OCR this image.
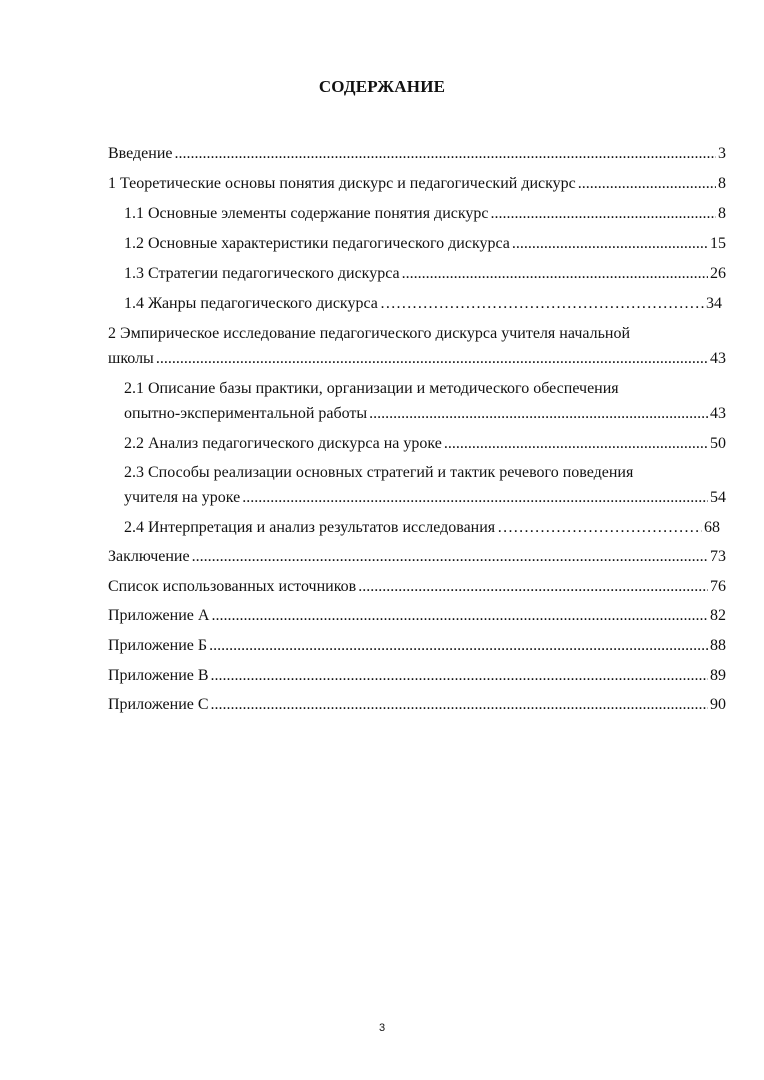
СОДЕРЖАНИЕ
Введение .....	3
1 Теоретические основы понятия дискурс и педагогический дискурс .....	8
1.1 Основные элементы содержание понятия дискурс .....	8
1.2 Основные характеристики педагогического дискурса .....	15
1.3 Стратегии педагогического дискурса .....	26
1.4 Жанры педагогического дискурса …………………………………………………………………………………………………………………………………………………………………………………………	34
2 Эмпирическое исследование педагогического дискурса учителя начальной
школы .....	43
2.1 Описание базы практики, организации и методического обеспечения
опытно-экспериментальной работы .....	43
2.2 Анализ педагогического дискурса на уроке .....	50
2.3 Способы реализации основных стратегий и тактик речевого поведения
учителя на уроке .....	54
2.4 Интерпретация и анализ результатов исследования …………………………………………………………………………………………………………………………………………………………………………………………	68
Заключение .....	73
Список использованных источников .....	76
Приложение А .....	82
Приложение Б .....	88
Приложение В .....	89
Приложение С .....	90
3
